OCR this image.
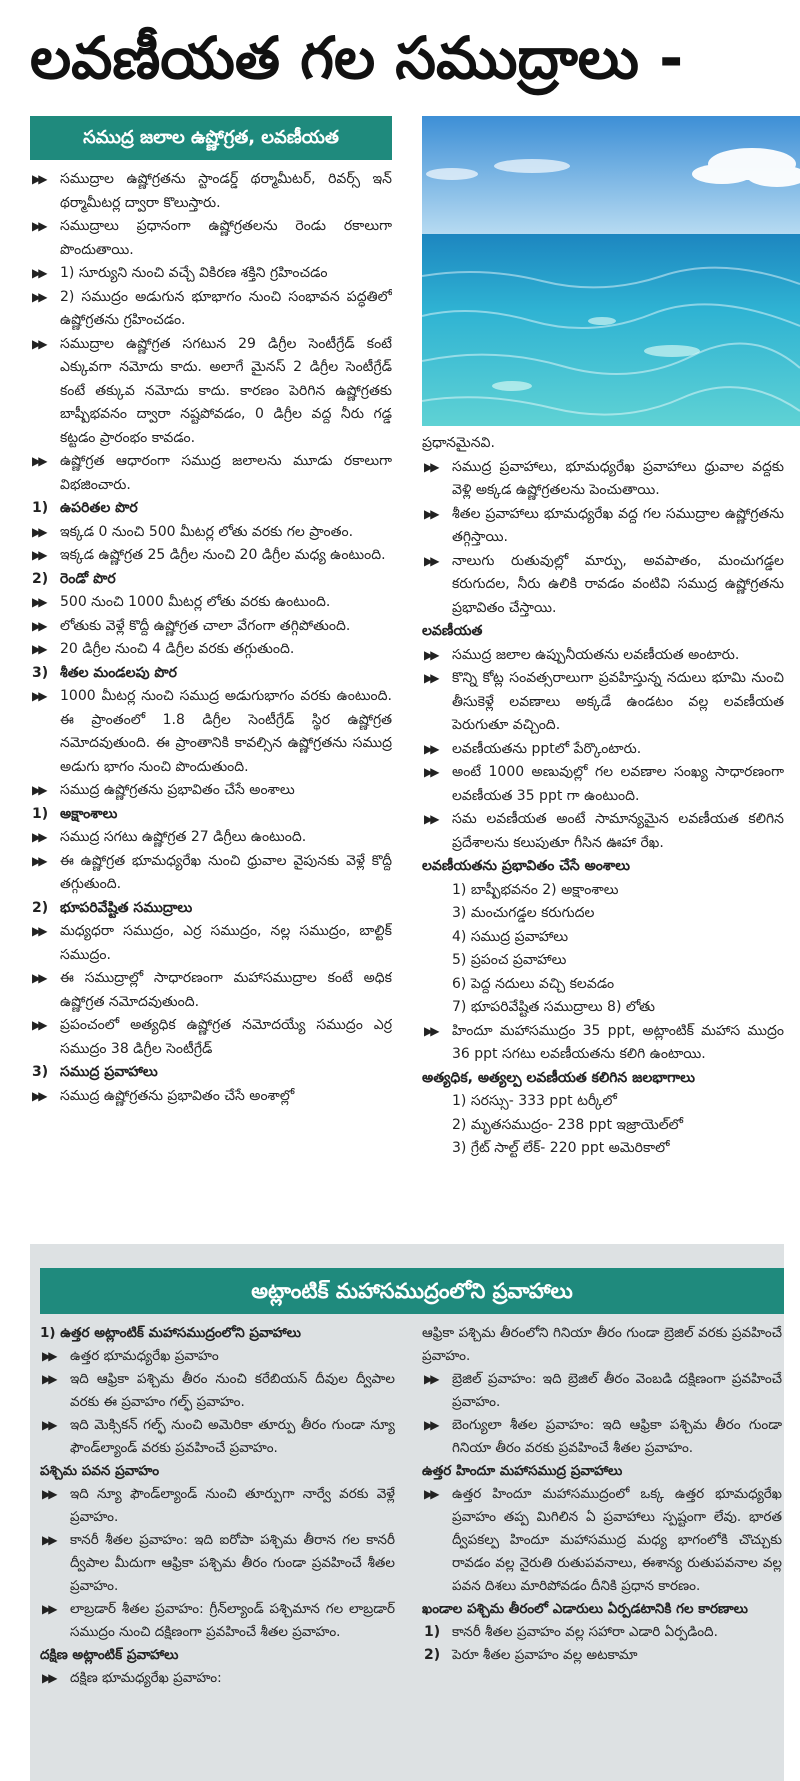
లవణీయత గల సముద్రాలు -
సముద్ర జలాల ఉష్ణోగ్రత, లవణీయత

▶▶ సముద్రాల ఉష్ణోగ్రతను స్టాండర్డ్ థర్మామీటర్, రివర్స్ ఇన్ థర్మామీటర్ల ద్వారా కొలుస్తారు.

▶▶ సముద్రాలు ప్రధానంగా ఉష్ణోగ్రతలను రెండు రకాలుగా పొందుతాయి.

▶▶ 1) సూర్యుని నుంచి వచ్చే వికిరణ శక్తిని గ్రహించడం

▶▶ 2) సముద్రం అడుగున భూభాగం నుంచి సంభావన పద్ధతిలో ఉష్ణోగ్రతను గ్రహించడం.

▶▶ సముద్రాల ఉష్ణోగ్రత సగటున 29 డిగ్రీల సెంటీగ్రేడ్ కంటే ఎక్కువగా నమోదు కాదు. అలాగే మైనస్ 2 డిగ్రీల సెంటీగ్రేడ్ కంటే తక్కువ నమోదు కాదు. కారణం పెరిగిన ఉష్ణోగ్రతకు బాష్పీభవనం ద్వారా నష్టపోవడం, 0 డిగ్రీల వద్ద నీరు గడ్డ కట్టడం ప్రారంభం కావడం.

▶▶ ఉష్ణోగ్రత ఆధారంగా సముద్ర జలాలను మూడు రకాలుగా విభజించారు.

1) ఉపరితల పొర

▶▶ ఇక్కడ 0 నుంచి 500 మీటర్ల లోతు వరకు గల ప్రాంతం.

▶▶ ఇక్కడ ఉష్ణోగ్రత 25 డిగ్రీల నుంచి 20 డిగ్రీల మధ్య ఉంటుంది.

2) రెండో పొర

▶▶ 500 నుంచి 1000 మీటర్ల లోతు వరకు ఉంటుంది.

▶▶ లోతుకు వెళ్లే కొద్దీ ఉష్ణోగ్రత చాలా వేగంగా తగ్గిపోతుంది.

▶▶ 20 డిగ్రీల నుంచి 4 డిగ్రీల వరకు తగ్గుతుంది.

3) శీతల మండలపు పొర

▶▶ 1000 మీటర్ల నుంచి సముద్ర అడుగుభాగం వరకు ఉంటుంది. ఈ ప్రాంతంలో 1.8 డిగ్రీల సెంటీగ్రేడ్ స్థిర ఉష్ణోగ్రత నమోదవుతుంది. ఈ ప్రాంతానికి కావల్సిన ఉష్ణోగ్రతను సముద్ర అడుగు భాగం నుంచి పొందుతుంది.

▶▶ సముద్ర ఉష్ణోగ్రతను ప్రభావితం చేసే అంశాలు

1) అక్షాంశాలు

▶▶ సముద్ర సగటు ఉష్ణోగ్రత 27 డిగ్రీలు ఉంటుంది.

▶▶ ఈ ఉష్ణోగ్రత భూమధ్యరేఖ నుంచి ధ్రువాల వైపునకు వెళ్లే కొద్దీ తగ్గుతుంది.

2) భూపరివేష్టిత సముద్రాలు

▶▶ మధ్యధరా సముద్రం, ఎర్ర సముద్రం, నల్ల సముద్రం, బాల్టిక్ సముద్రం.

▶▶ ఈ సముద్రాల్లో సాధారణంగా మహాసముద్రాల కంటే అధిక ఉష్ణోగ్రత నమోదవుతుంది.

▶▶ ప్రపంచంలో అత్యధిక ఉష్ణోగ్రత నమోదయ్యే సముద్రం ఎర్ర సముద్రం 38 డిగ్రీల సెంటీగ్రేడ్

3) సముద్ర ప్రవాహాలు

▶▶ సముద్ర ఉష్ణోగ్రతను ప్రభావితం చేసే అంశాల్లో

ప్రధానమైనవి.

▶▶ సముద్ర ప్రవాహాలు, భూమధ్యరేఖ ప్రవాహాలు ధ్రువాల వద్దకు వెళ్లి అక్కడ ఉష్ణోగ్రతలను పెంచుతాయి.

▶▶ శీతల ప్రవాహాలు భూమధ్యరేఖ వద్ద గల సముద్రాల ఉష్ణోగ్రతను తగ్గిస్తాయి.

▶▶ నాలుగు రుతువుల్లో మార్పు, అవపాతం, మంచుగడ్డల కరుగుదల, నీరు ఉలికి రావడం వంటివి సముద్ర ఉష్ణోగ్రతను ప్రభావితం చేస్తాయి.

లవణీయత

▶▶ సముద్ర జలాల ఉప్పునీయతను లవణీయత అంటారు.

▶▶ కొన్ని కోట్ల సంవత్సరాలుగా ప్రవహిస్తున్న నదులు భూమి నుంచి తీసుకెళ్లే లవణాలు అక్కడే ఉండటం వల్ల లవణీయత పెరుగుతూ వచ్చింది.

▶▶ లవణీయతను pptలో పేర్కొంటారు.

▶▶ అంటే 1000 అణువుల్లో గల లవణాల సంఖ్య సాధారణంగా లవణీయత 35 ppt గా ఉంటుంది.

▶▶ సమ లవణీయత అంటే సామాన్యమైన లవణీయత కలిగిన ప్రదేశాలను కలుపుతూ గీసిన ఊహా రేఖ.

లవణీయతను ప్రభావితం చేసే అంశాలు

1) బాష్పీభవనం 2) అక్షాంశాలు

3) మంచుగడ్డల కరుగుదల

4) సముద్ర ప్రవాహాలు

5) ప్రపంచ ప్రవాహాలు

6) పెద్ద నదులు వచ్చి కలవడం

7) భూపరివేష్టిత సముద్రాలు 8) లోతు

▶▶ హిందూ మహాసముద్రం 35 ppt, అట్లాంటిక్ మహాస ముద్రం 36 ppt సగటు లవణీయతను కలిగి ఉంటాయి.

అత్యధిక, అత్యల్ప లవణీయత కలిగిన జలభాగాలు

1) సరస్సు- 333 ppt టర్కీలో

2) మృతసముద్రం- 238 ppt ఇజ్రాయెల్‌లో

3) గ్రేట్ సాల్ట్ లేక్- 220 ppt అమెరికాలో

అట్లాంటిక్ మహాసముద్రంలోని ప్రవాహాలు

1) ఉత్తర అట్లాంటిక్ మహాసముద్రంలోని ప్రవాహాలు

▶▶ ఉత్తర భూమధ్యరేఖ ప్రవాహం

▶▶ ఇది ఆఫ్రికా పశ్చిమ తీరం నుంచి కరేబియన్ దీవుల ద్వీపాల వరకు ఈ ప్రవాహం గల్ఫ్ ప్రవాహం.

▶▶ ఇది మెక్సికన్ గల్ఫ్ నుంచి అమెరికా తూర్పు తీరం గుండా న్యూ ఫౌండ్‌ల్యాండ్ వరకు ప్రవహించే ప్రవాహం.

పశ్చిమ పవన ప్రవాహం

▶▶ ఇది న్యూ ఫౌండ్‌ల్యాండ్ నుంచి తూర్పుగా నార్వే వరకు వెళ్లే ప్రవాహం.

▶▶ కానరీ శీతల ప్రవాహం: ఇది ఐరోపా పశ్చిమ తీరాన గల కానరీ ద్వీపాల మీదుగా ఆఫ్రికా పశ్చిమ తీరం గుండా ప్రవహించే శీతల ప్రవాహం.

▶▶ లాబ్రడార్ శీతల ప్రవాహం: గ్రీన్‌ల్యాండ్ పశ్చిమాన గల లాబ్రడార్ సముద్రం నుంచి దక్షిణంగా ప్రవహించే శీతల ప్రవాహం.

దక్షిణ అట్లాంటిక్ ప్రవాహాలు

▶▶ దక్షిణ భూమధ్యరేఖ ప్రవాహం:

ఆఫ్రికా పశ్చిమ తీరంలోని గినియా తీరం గుండా బ్రెజిల్ వరకు ప్రవహించే ప్రవాహం.

▶▶ బ్రెజిల్ ప్రవాహం: ఇది బ్రెజిల్ తీరం వెంబడి దక్షిణంగా ప్రవహించే ప్రవాహం.

▶▶ బెంగ్యులా శీతల ప్రవాహం: ఇది ఆఫ్రికా పశ్చిమ తీరం గుండా గినియా తీరం వరకు ప్రవహించే శీతల ప్రవాహం.

ఉత్తర హిందూ మహాసముద్ర ప్రవాహాలు

▶▶ ఉత్తర హిందూ మహాసముద్రంలో ఒక్క ఉత్తర భూమధ్యరేఖ ప్రవాహం తప్ప మిగిలిన ఏ ప్రవాహాలు స్పష్టంగా లేవు. భారత ద్వీపకల్ప హిందూ మహాసముద్ర మధ్య భాగంలోకి చొచ్చుకు రావడం వల్ల నైరుతి రుతుపవనాలు, ఈశాన్య రుతుపవనాల వల్ల పవన దిశలు మారిపోవడం దీనికి ప్రధాన కారణం.

ఖండాల పశ్చిమ తీరంలో ఎడారులు ఏర్పడటానికి గల కారణాలు

1) కానరీ శీతల ప్రవాహం వల్ల సహారా ఎడారి ఏర్పడింది.

2) పెరూ శీతల ప్రవాహం వల్ల అటకామా
